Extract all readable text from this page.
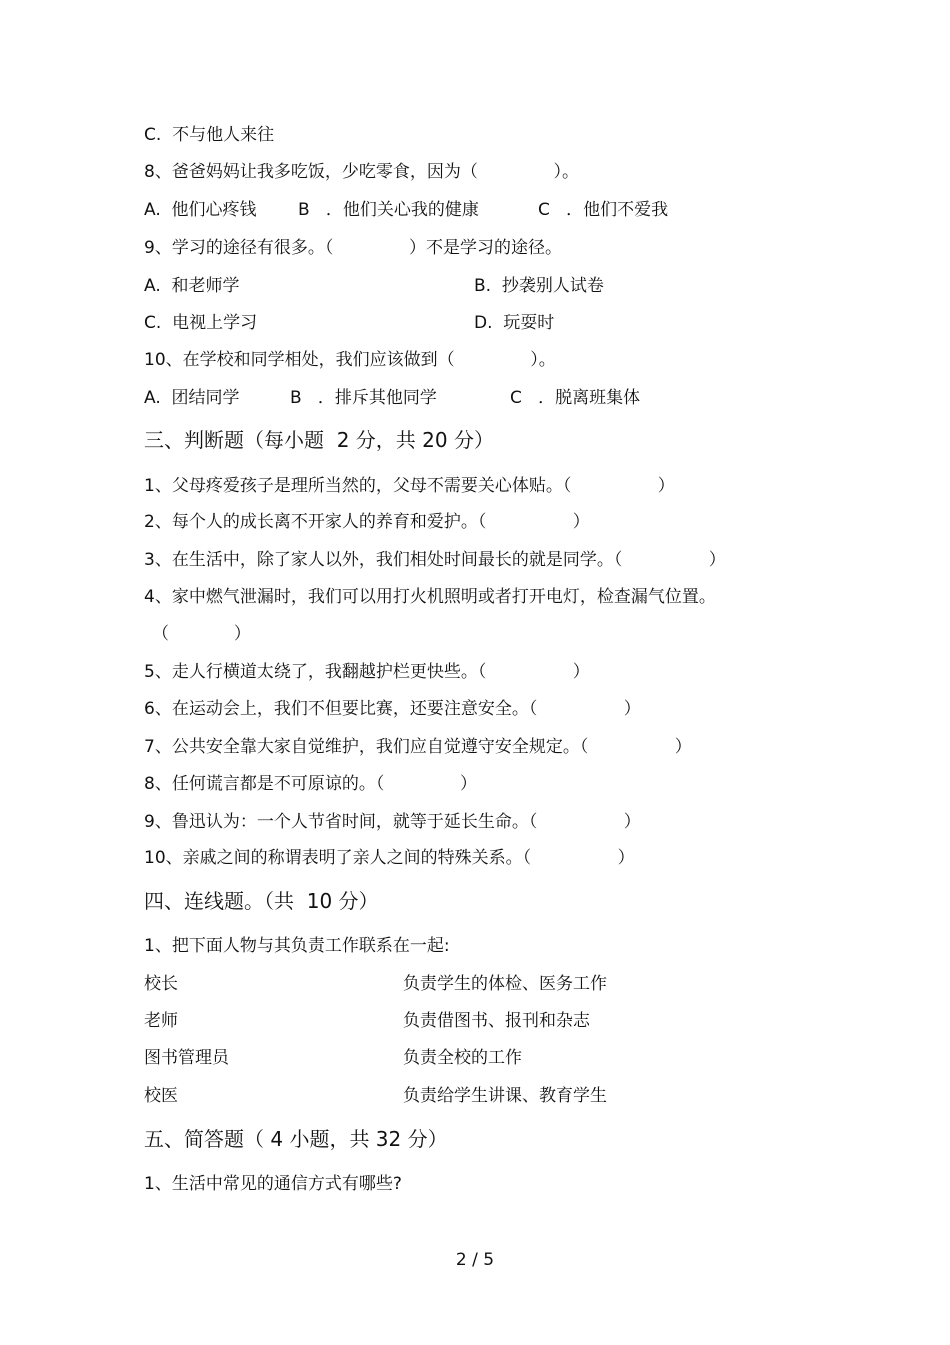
C.  不与他人来往
8、爸爸妈妈让我多吃饭，少吃零食，因为（              ）。
A.  他们心疼钱 B   ．他们关心我的健康	C   ．他们不爱我
9、学习的途径有很多。（              ）不是学习的途径。
A.  和老师学	B.  抄袭别人试卷
C.  电视上学习	D.  玩耍时
10、在学校和同学相处，我们应该做到（              ）。
A.  团结同学	B   ．排斥其他同学	C   ．脱离班集体
三、判断题（每小题  2 分，共 20 分）
1、父母疼爱孩子是理所当然的，父母不需要关心体贴。（                ）
2、每个人的成长离不开家人的养育和爱护。（                ）
3、在生活中，除了家人以外，我们相处时间最长的就是同学。（                ）
4、家中燃气泄漏时，我们可以用打火机照明或者打开电灯，检查漏气位置。
（            ）
5、走人行横道太绕了，我翻越护栏更快些。（                ）
6、在运动会上，我们不但要比赛，还要注意安全。（                ）
7、公共安全靠大家自觉维护，我们应自觉遵守安全规定。（                ）
8、任何谎言都是不可原谅的。（              ）
9、鲁迅认为：一个人节省时间，就等于延长生命。（                ）
10、亲戚之间的称谓表明了亲人之间的特殊关系。（                ）
四、连线题。（共  10 分）
1、把下面人物与其负责工作联系在一起:
校长	负责学生的体检、医务工作
老师	负责借图书、报刊和杂志
图书管理员	负责全校的工作
校医	负责给学生讲课、教育学生
五、简答题（ 4 小题，共 32 分）
1、生活中常见的通信方式有哪些?
2 / 5
